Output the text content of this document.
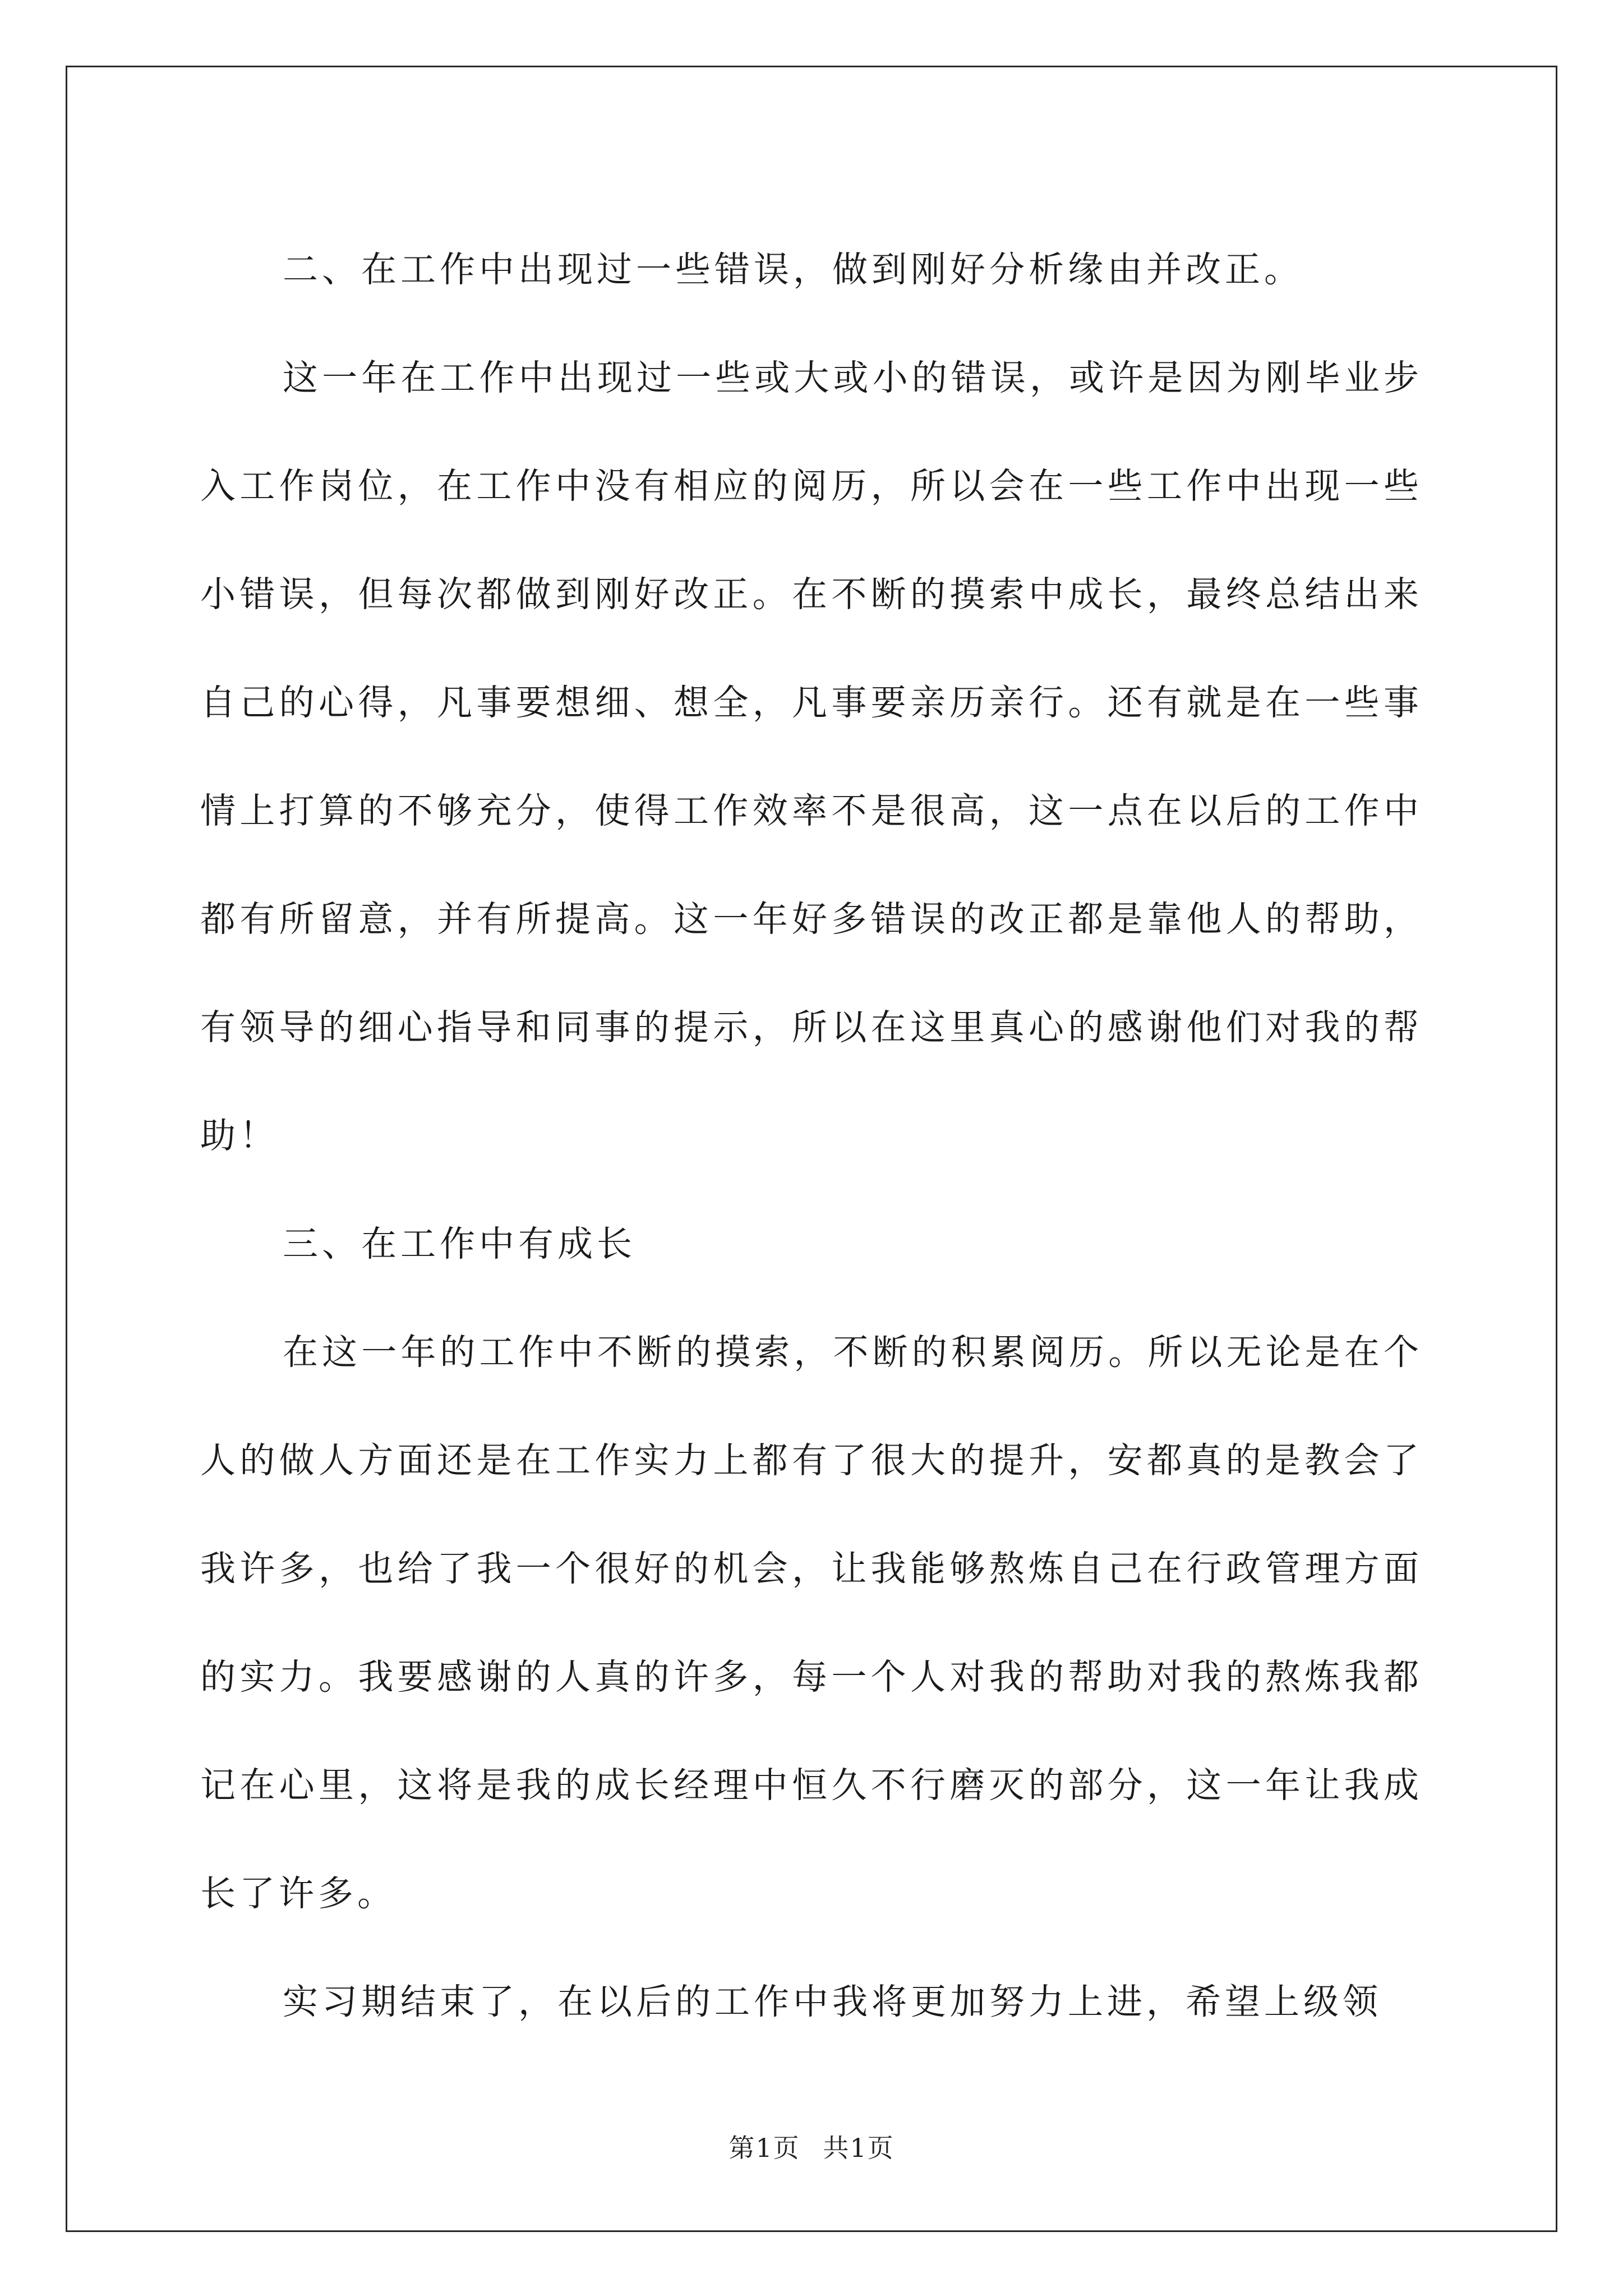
二、在工作中出现过一些错误，做到刚好分析缘由并改正。

这一年在工作中出现过一些或大或小的错误，或许是因为刚毕业步入工作岗位，在工作中没有相应的阅历，所以会在一些工作中出现一些小错误，但每次都做到刚好改正。在不断的摸索中成长，最终总结出来自己的心得，凡事要想细、想全，凡事要亲历亲行。还有就是在一些事情上打算的不够充分，使得工作效率不是很高，这一点在以后的工作中都有所留意，并有所提高。这一年好多错误的改正都是靠他人的帮助，有领导的细心指导和同事的提示，所以在这里真心的感谢他们对我的帮助！

三、在工作中有成长

在这一年的工作中不断的摸索，不断的积累阅历。所以无论是在个人的做人方面还是在工作实力上都有了很大的提升，安都真的是教会了我许多，也给了我一个很好的机会，让我能够熬炼自己在行政管理方面的实力。我要感谢的人真的许多，每一个人对我的帮助对我的熬炼我都记在心里，这将是我的成长经理中恒久不行磨灭的部分，这一年让我成长了许多。

实习期结束了，在以后的工作中我将更加努力上进，希望上级领

第1页 共1页
